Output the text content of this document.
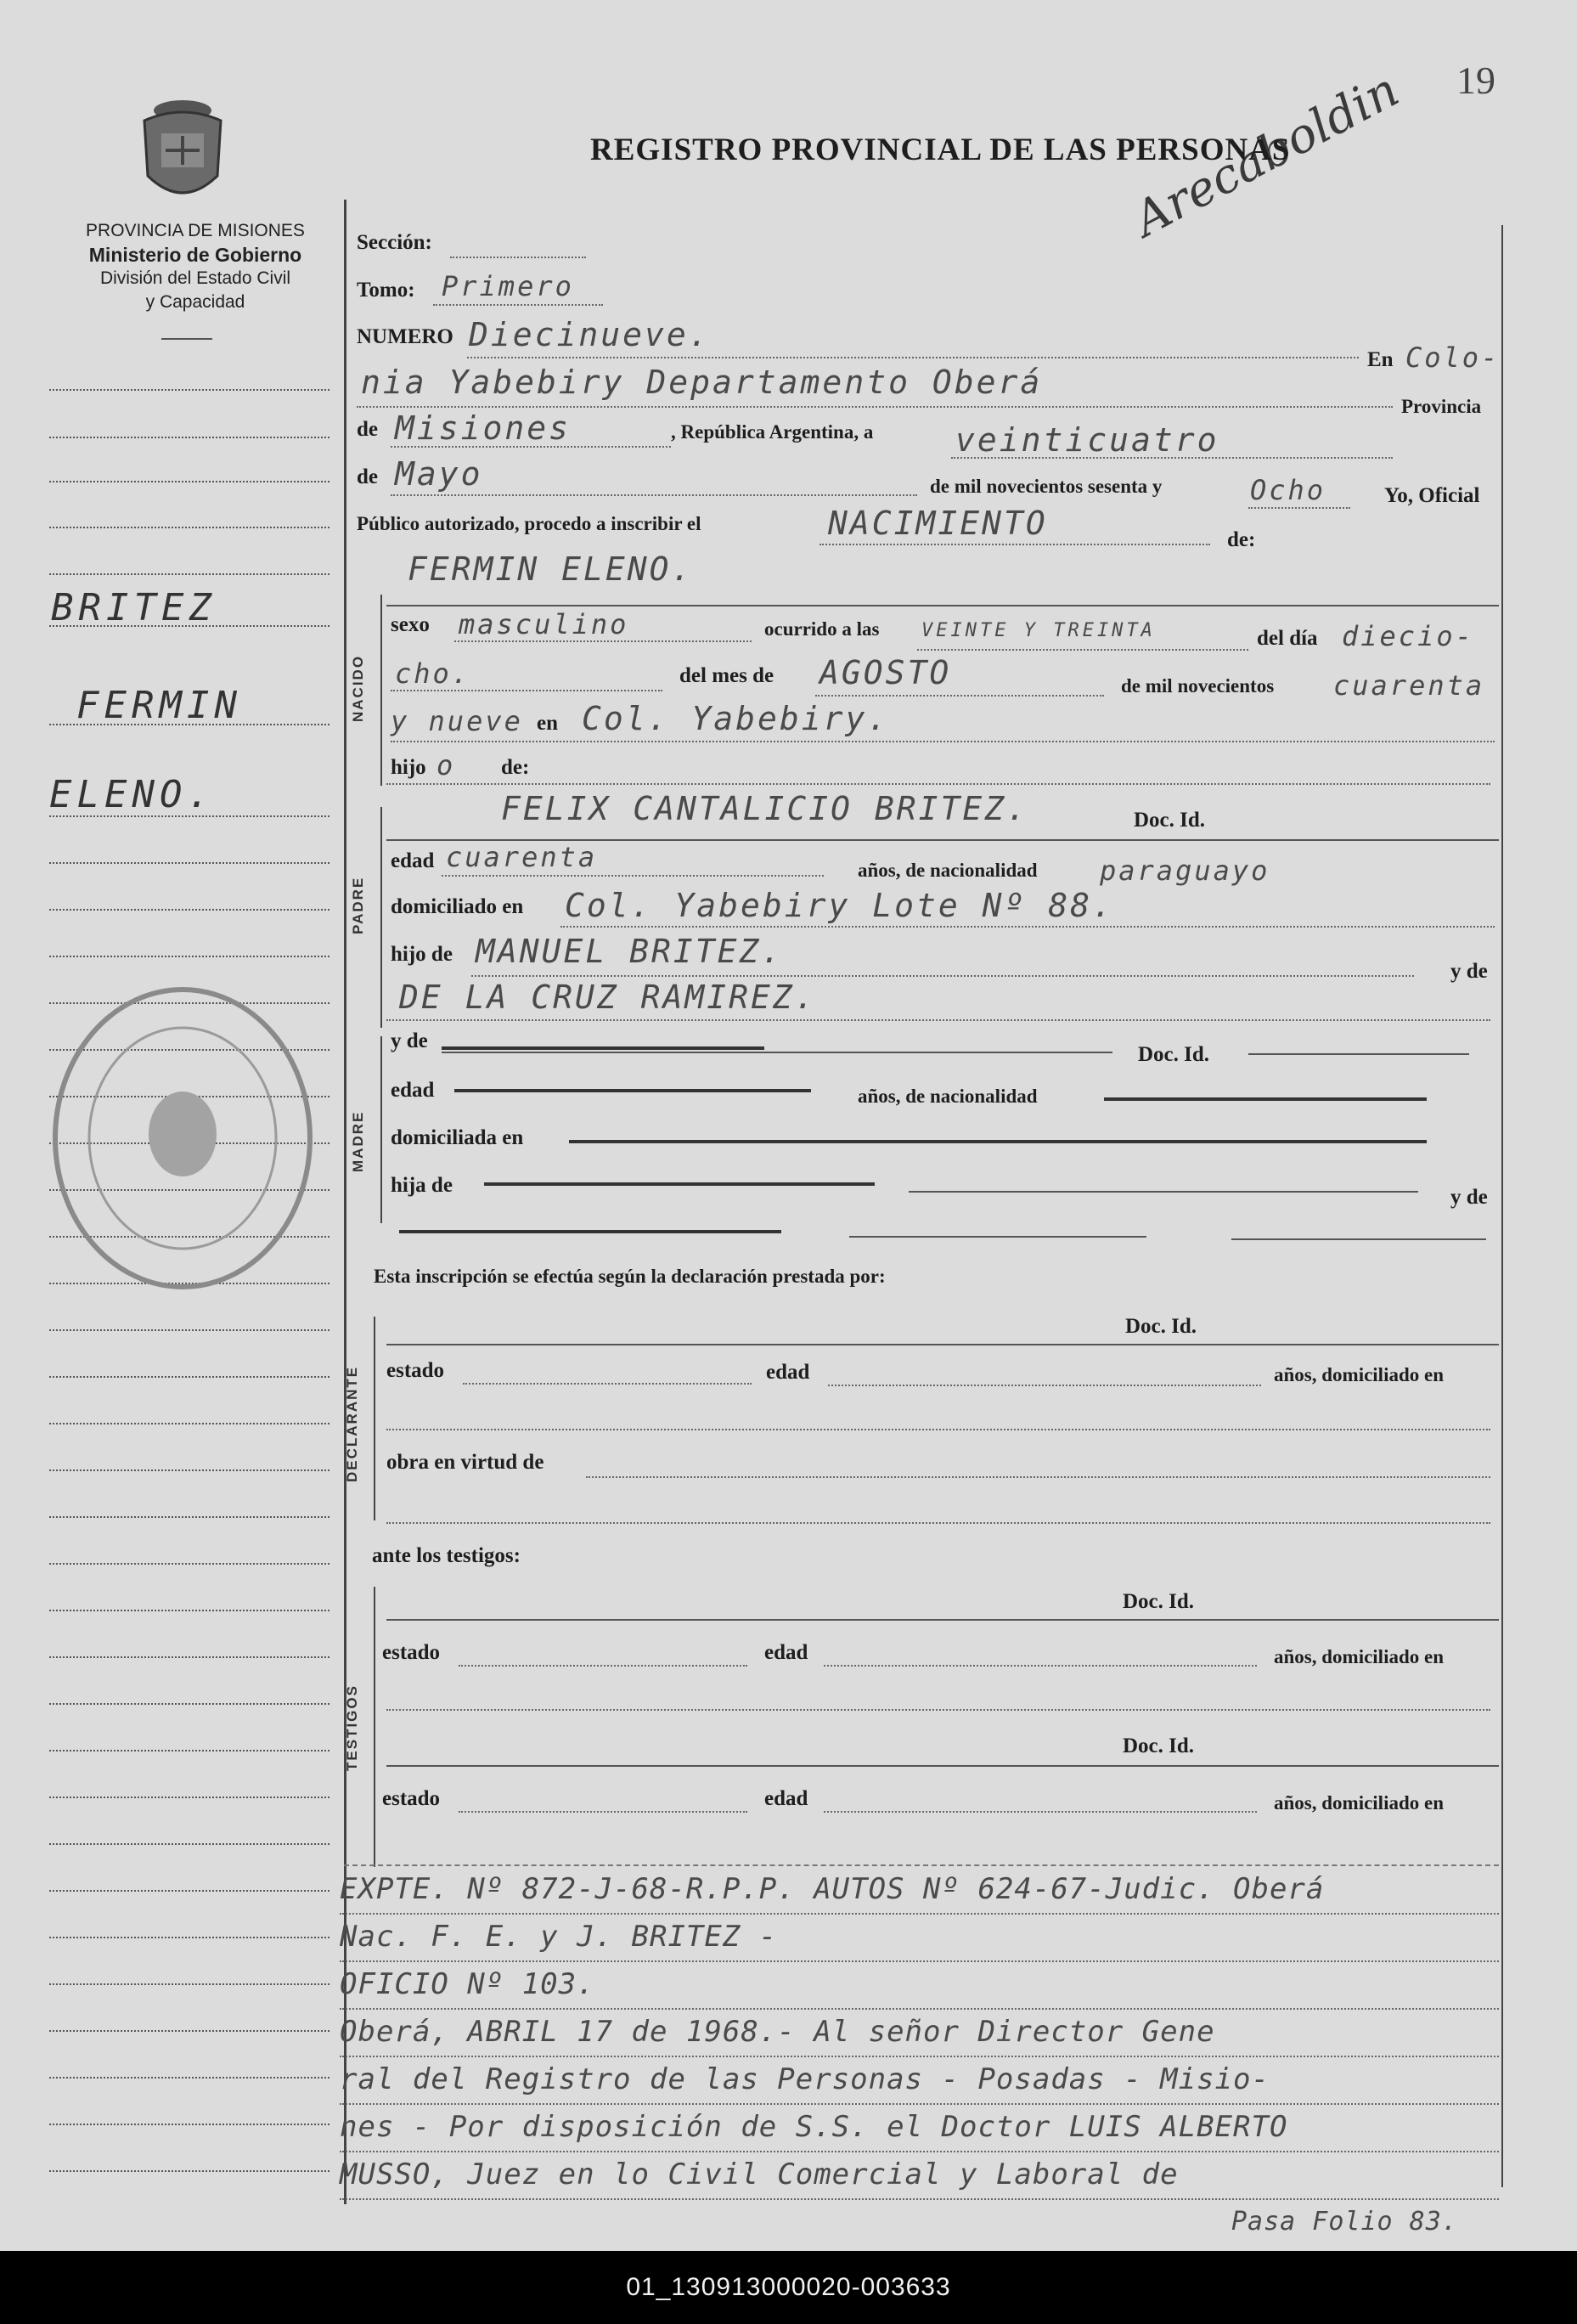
19
Arecaboldin
PROVINCIA DE MISIONES
Ministerio de Gobierno
División del Estado Civil
y Capacidad
REGISTRO PROVINCIAL DE LAS PERSONAS
BRITEZ
FERMIN
ELENO.
Sección:
Tomo: Primero
NUMERO Diecinueve.
En Colo-
nia Yabebiry Departamento Oberá
Provincia
de Misiones	, República Argentina, a	veinticuatro
de Mayo	de mil novecientos sesenta y	Ocho	Yo, Oficial
Público autorizado, procedo a inscribir el	NACIMIENTO	de:
NACIDO
FERMIN ELENO.
sexo masculino	ocurrido a las VEINTE Y TREINTA	del día diecio-
cho.	del mes de AGOSTO	de mil novecientos cuarenta
y nueve en Col. Yabebiry.
hijo o de:
PADRE
FELIX CANTALICIO BRITEZ.	Doc. Id.
edad cuarenta	años, de nacionalidad paraguayo
domiciliado en Col. Yabebiry Lote Nº 88.
hijo de MANUEL BRITEZ.
y de
DE LA CRUZ RAMIREZ.
MADRE
y de
Doc. Id.
edad	años, de nacionalidad
domiciliada en
hija de
y de
Esta inscripción se efectúa según la declaración prestada por:
Doc. Id.
DECLARANTE estado	edad	años, domiciliado en
obra en virtud de
ante los testigos:
TESTIGOS
Doc. Id.
estado	edad	años, domiciliado en
Doc. Id.
estado	edad	años, domiciliado en
EXPTE. Nº 872-J-68-R.P.P. AUTOS Nº 624-67-Judic. Oberá
Nac. F. E. y J. BRITEZ -
OFICIO Nº 103.
Oberá, ABRIL 17 de 1968.- Al señor Director Gene
ral del Registro de las Personas - Posadas - Misio-
nes - Por disposición de S.S. el Doctor LUIS ALBERTO
MUSSO, Juez en lo Civil Comercial y Laboral de
Pasa Folio 83.
01_130913000020-003633
